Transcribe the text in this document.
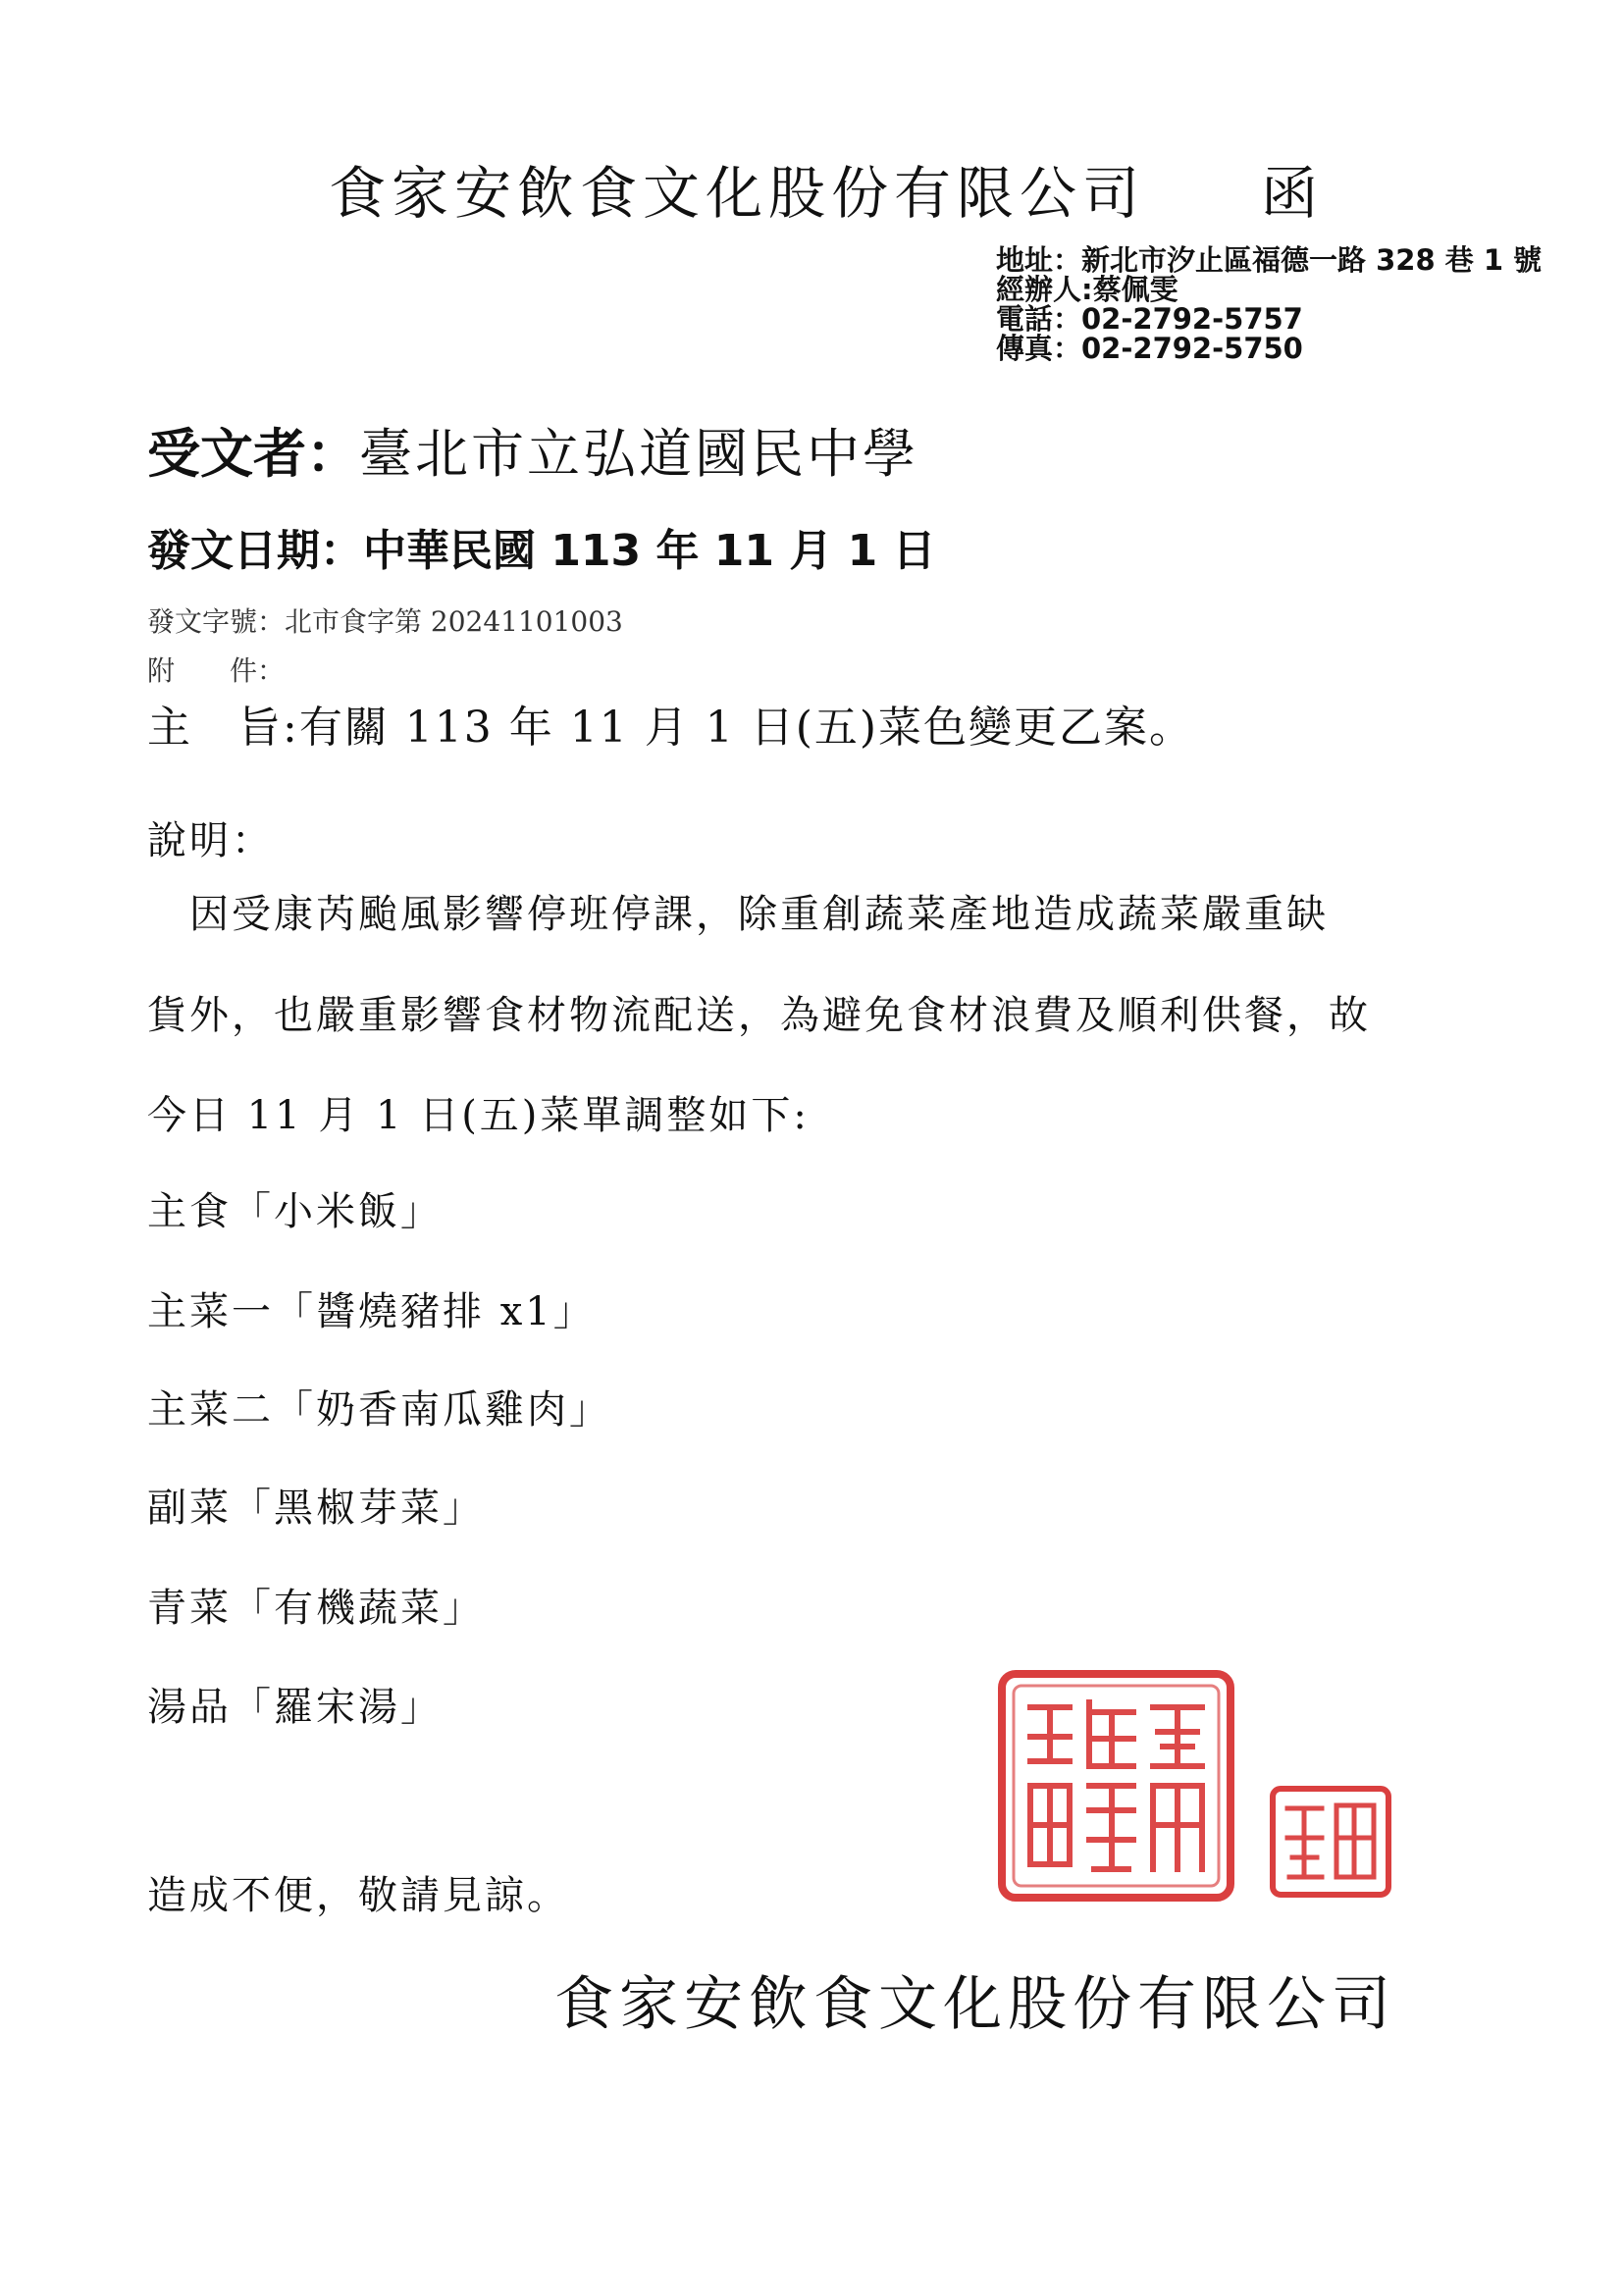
食家安飲食文化股份有限公司 函
地址：新北市汐止區福德一路 328 巷 1 號
經辦人:蔡佩雯
電話：02-2792-5757
傳真：02-2792-5750
受文者：臺北市立弘道國民中學
發文日期：中華民國 113 年 11 月 1 日
發文字號：北市食字第 20241101003
附　　件：
主　旨:有關 113 年 11 月 1 日(五)菜色變更乙案。
說明：
　因受康芮颱風影響停班停課，除重創蔬菜產地造成蔬菜嚴重缺
貨外，也嚴重影響食材物流配送，為避免食材浪費及順利供餐，故
今日 11 月 1 日(五)菜單調整如下:
主食「小米飯」
主菜一「醬燒豬排 x1」
主菜二「奶香南瓜雞肉」
副菜「黑椒芽菜」
青菜「有機蔬菜」
湯品「羅宋湯」
造成不便，敬請見諒。
食家安飲食文化股份有限公司
